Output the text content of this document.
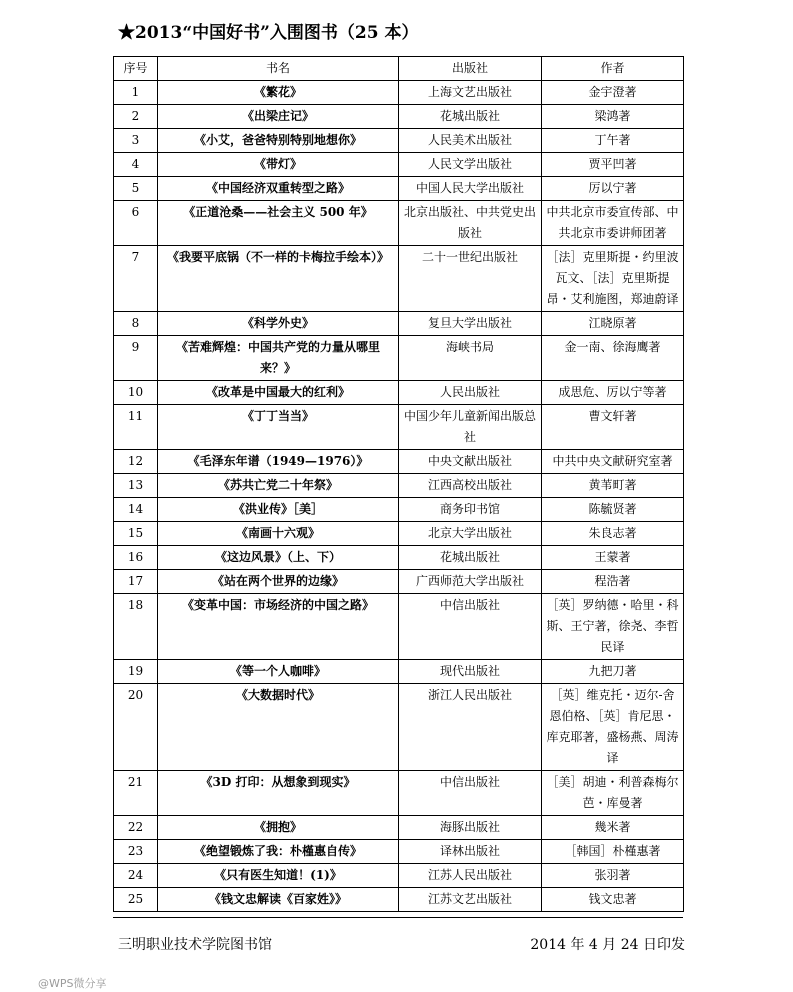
★2013“中国好书”入围图书（25 本）
序号	书名	出版社	作者
1	《繁花》	上海文艺出版社	金宇澄著
2	《出梁庄记》	花城出版社	梁鸿著
3	《小艾，爸爸特别特别地想你》	人民美术出版社	丁午著
4	《带灯》	人民文学出版社	贾平凹著
5	《中国经济双重转型之路》	中国人民大学出版社	厉以宁著
6	《正道沧桑——社会主义 500 年》	北京出版社、中共党史出版社	中共北京市委宣传部、中共北京市委讲师团著
7	《我要平底锅（不一样的卡梅拉手绘本）》	二十一世纪出版社	［法］克里斯提・约里波瓦文、［法］克里斯提昂・艾利施图，郑迪蔚译
8	《科学外史》	复旦大学出版社	江晓原著
9	《苦难辉煌：中国共产党的力量从哪里来？》	海峡书局	金一南、徐海鹰著
10	《改革是中国最大的红利》	人民出版社	成思危、厉以宁等著
11	《丁丁当当》	中国少年儿童新闻出版总社	曹文轩著
12	《毛泽东年谱（1949—1976）》	中央文献出版社	中共中央文献研究室著
13	《苏共亡党二十年祭》	江西高校出版社	黄苇町著
14	《洪业传》［美］	商务印书馆	陈毓贤著
15	《南画十六观》	北京大学出版社	朱良志著
16	《这边风景》（上、下）	花城出版社	王蒙著
17	《站在两个世界的边缘》	广西师范大学出版社	程浩著
18	《变革中国：市场经济的中国之路》	中信出版社	［英］罗纳德・哈里・科斯、王宁著，徐尧、李哲民译
19	《等一个人咖啡》	现代出版社	九把刀著
20	《大数据时代》	浙江人民出版社	［英］维克托・迈尔-舍恩伯格、［英］肯尼思・库克耶著，盛杨燕、周涛译
21	《3D 打印：从想象到现实》	中信出版社	［美］胡迪・利普森梅尔芭・库曼著
22	《拥抱》	海豚出版社	幾米著
23	《绝望锻炼了我：朴槿惠自传》	译林出版社	［韩国］朴槿惠著
24	《只有医生知道！(1)》	江苏人民出版社	张羽著
25	《钱文忠解读《百家姓》》	江苏文艺出版社	钱文忠著
三明职业技术学院图书馆	2014 年 4 月 24 日印发
@WPS微分享
